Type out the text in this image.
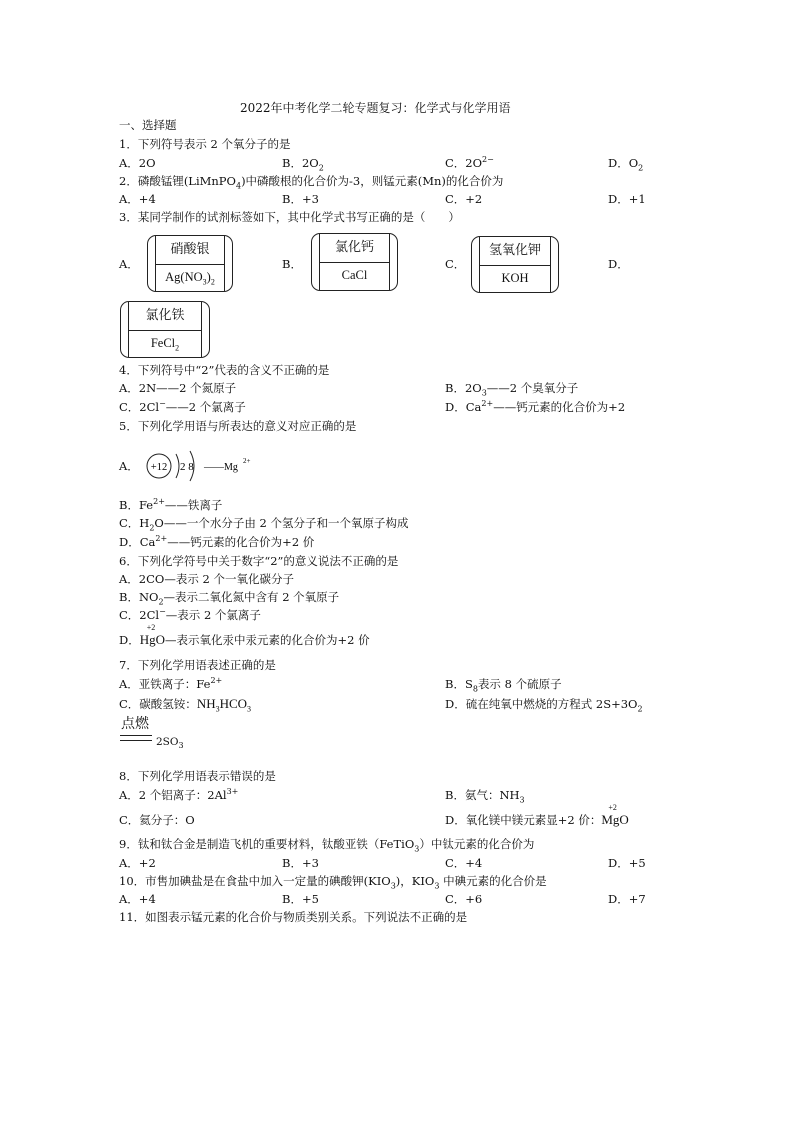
2022年中考化学二轮专题复习：化学式与化学用语
一、选择题
1．下列符号表示 2 个氧分子的是
A．2O	B．$2O_2$	C．$2O^{2-}$	D．$O_2$
2．磷酸锰锂(LiMnPO$_4$)中磷酸根的化合价为-3，则锰元素(Mn)的化合价为
A．+4	B．+3	C．+2	D．+1
3．某同学制作的试剂标签如下，其中化学式书写正确的是（　　）
A．
硝酸银
$Ag(NO_3)_2$
B．
氯化钙
CaCl
C．
氢氧化钾
KOH
D．
氯化铁
FeCl$_2$
4．下列符号中“2”代表的含义不正确的是
A．2N——2 个氮原子	B．$2O_3——2$ 个臭氧分子
C．2Cl−——2 个氯离子	D．$Ca^{2+}——$钙元素的化合价为+2
5．下列化学用语与所表达的意义对应正确的是
A． +12 2 8 ——Mg
2+
B．$Fe^{2+}——$铁离子
C．$H_2O——$一个水分子由 2 个氢分子和一个氧原子构成
D．$Ca^{2+}——$钙元素的化合价为+2 价
6．下列化学符号中关于数字“2”的意义说法不正确的是
A．2CO—表示 2 个一氧化碳分子
B．$NO_2—$表示二氧化氮中含有 2 个氧原子
C．2Cl−—表示 2 个氯离子
D．
+2
HgO—表示氧化汞中汞元素的化合价为+2 价
7．下列化学用语表述正确的是
A．亚铁离子：$Fe^{2+}$	B．$S_8$表示 8 个硫原子
C．碳酸氢铵：$NH_3HCO_3$	D．硫在纯氧中燃烧的方程式 $2S+3O_2$
点燃
$2SO_3$
8．下列化学用语表示错误的是
A．2 个铝离子：$2Al^{3+}$	B．氨气：$NH_3$
C．氦分子：O	D．氧化镁中镁元素显+2 价：
+2
MgO
9．钛和钛合金是制造飞机的重要材料，钛酸亚铁（FeTiO$_3$）中钛元素的化合价为
A．+2	B．+3	C．+4	D．+5
10．市售加碘盐是在食盐中加入一定量的碘酸钾$(KIO_3)$，$KIO_3$ 中碘元素的化合价是
A．+4	B．+5	C．+6	D．+7
11．如图表示锰元素的化合价与物质类别关系。下列说法不正确的是
